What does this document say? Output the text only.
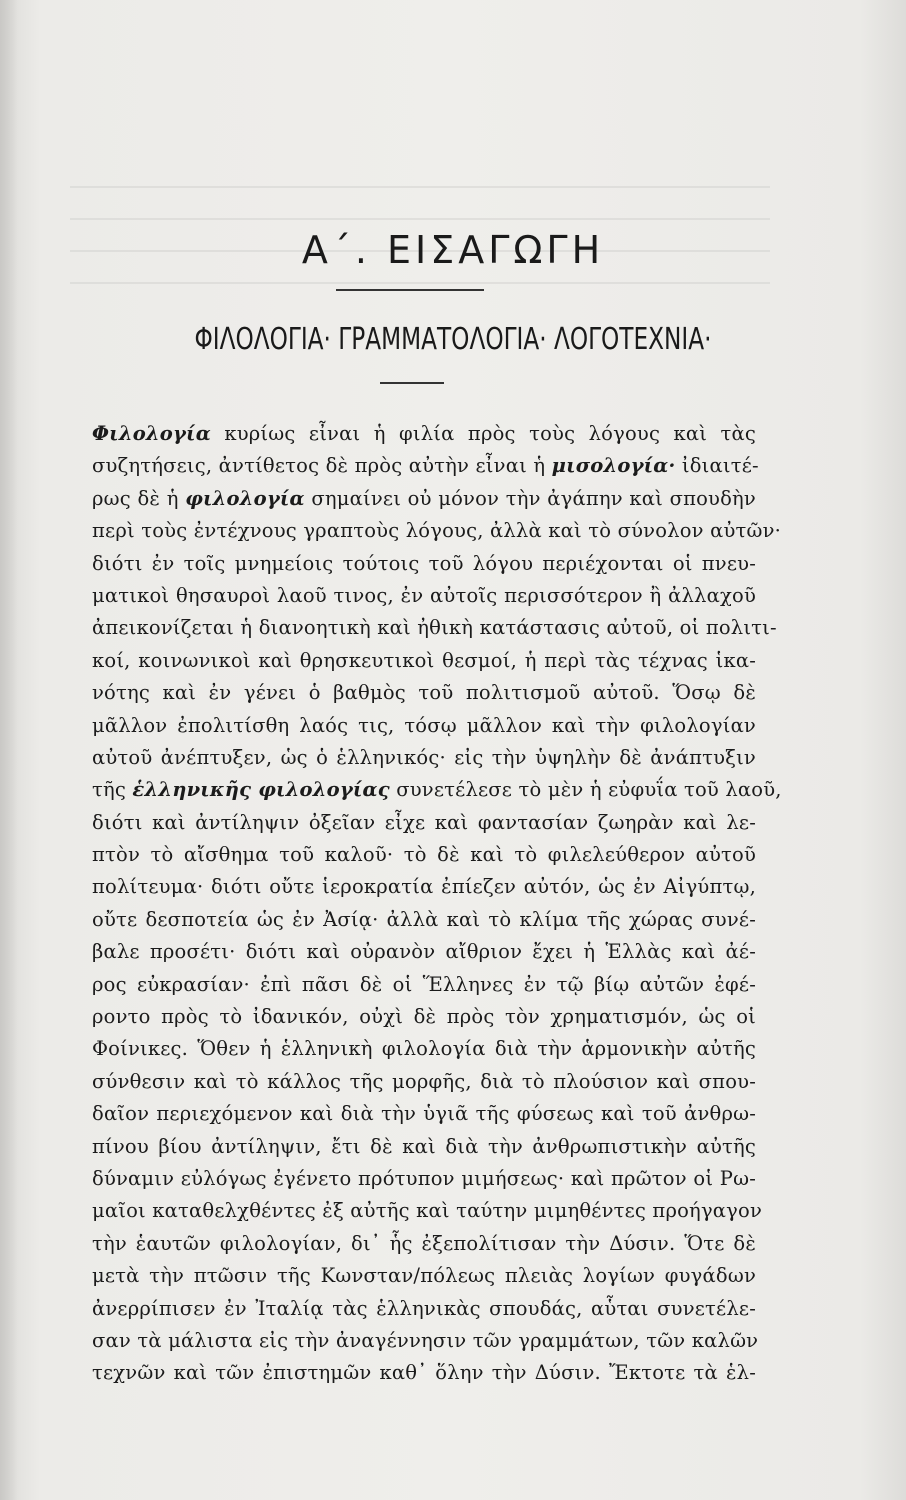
Α΄. ΕΙΣΑΓΩΓΗ
ΦΙΛΟΛΟΓΙΑ· ΓΡΑΜΜΑΤΟΛΟΓΙΑ· ΛΟΓΟΤΕΧΝΙΑ·
Φιλολογία κυρίως εἶναι ἡ φιλία πρὸς τοὺς λόγους καὶ τὰς
συζητήσεις, ἀντίθετος δὲ πρὸς αὐτὴν εἶναι ἡ μισολογία· ἰδιαιτέ-
ρως δὲ ἡ φιλολογία σημαίνει οὐ μόνον τὴν ἀγάπην καὶ σπουδὴν
περὶ τοὺς ἐντέχνους γραπτοὺς λόγους, ἀλλὰ καὶ τὸ σύνολον αὐτῶν·
διότι ἐν τοῖς μνημείοις τούτοις τοῦ λόγου περιέχονται οἱ πνευ-
ματικοὶ θησαυροὶ λαοῦ τινος, ἐν αὐτοῖς περισσότερον ἢ ἀλλαχοῦ
ἀπεικονίζεται ἡ διανοητικὴ καὶ ἠθικὴ κατάστασις αὐτοῦ, οἱ πολιτι-
κοί, κοινωνικοὶ καὶ θρησκευτικοὶ θεσμοί, ἡ περὶ τὰς τέχνας ἱκα-
νότης καὶ ἐν γένει ὁ βαθμὸς τοῦ πολιτισμοῦ αὐτοῦ. Ὅσῳ δὲ
μᾶλλον ἐπολιτίσθη λαός τις, τόσῳ μᾶλλον καὶ τὴν φιλολογίαν
αὐτοῦ ἀνέπτυξεν, ὡς ὁ ἑλληνικός· εἰς τὴν ὑψηλὴν δὲ ἀνάπτυξιν
τῆς ἑλληνικῆς φιλολογίας συνετέλεσε τὸ μὲν ἡ εὐφυΐα τοῦ λαοῦ,
διότι καὶ ἀντίληψιν ὀξεῖαν εἶχε καὶ φαντασίαν ζωηρὰν καὶ λε-
πτὸν τὸ αἴσθημα τοῦ καλοῦ· τὸ δὲ καὶ τὸ φιλελεύθερον αὐτοῦ
πολίτευμα· διότι οὔτε ἱεροκρατία ἐπίεζεν αὐτόν, ὡς ἐν Αἰγύπτῳ,
οὔτε δεσποτεία ὡς ἐν Ἀσίᾳ· ἀλλὰ καὶ τὸ κλίμα τῆς χώρας συνέ-
βαλε προσέτι· διότι καὶ οὐρανὸν αἴθριον ἔχει ἡ Ἑλλὰς καὶ ἀέ-
ρος εὐκρασίαν· ἐπὶ πᾶσι δὲ οἱ Ἕλληνες ἐν τῷ βίῳ αὐτῶν ἐφέ-
ροντο πρὸς τὸ ἰδανικόν, οὐχὶ δὲ πρὸς τὸν χρηματισμόν, ὡς οἱ
Φοίνικες. Ὅθεν ἡ ἑλληνικὴ φιλολογία διὰ τὴν ἁρμονικὴν αὐτῆς
σύνθεσιν καὶ τὸ κάλλος τῆς μορφῆς, διὰ τὸ πλούσιον καὶ σπου-
δαῖον περιεχόμενον καὶ διὰ τὴν ὑγιᾶ τῆς φύσεως καὶ τοῦ ἀνθρω-
πίνου βίου ἀντίληψιν, ἔτι δὲ καὶ διὰ τὴν ἀνθρωπιστικὴν αὐτῆς
δύναμιν εὐλόγως ἐγένετο πρότυπον μιμήσεως· καὶ πρῶτον οἱ Ρω-
μαῖοι καταθελχθέντες ἐξ αὐτῆς καὶ ταύτην μιμηθέντες προήγαγον
τὴν ἑαυτῶν φιλολογίαν, δι᾽ ἧς ἐξεπολίτισαν τὴν Δύσιν. Ὅτε δὲ
μετὰ τὴν πτῶσιν τῆς Κωνσταν/πόλεως πλειὰς λογίων φυγάδων
ἀνερρίπισεν ἐν Ἰταλίᾳ τὰς ἑλληνικὰς σπουδάς, αὗται συνετέλε-
σαν τὰ μάλιστα εἰς τὴν ἀναγέννησιν τῶν γραμμάτων, τῶν καλῶν
τεχνῶν καὶ τῶν ἐπιστημῶν καθ᾽ ὅλην τὴν Δύσιν. Ἔκτοτε τὰ ἑλ-
